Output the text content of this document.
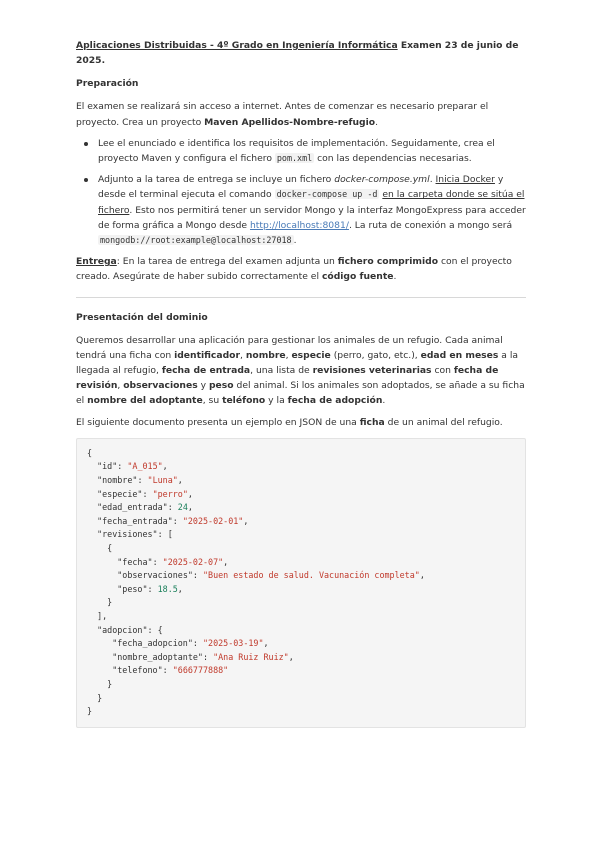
Aplicaciones Distribuidas - 4º Grado en Ingeniería Informática Examen 23 de junio de 2025.

Preparación

El examen se realizará sin acceso a internet. Antes de comenzar es necesario preparar el proyecto. Crea un proyecto Maven Apellidos-Nombre-refugio.

Lee el enunciado e identifica los requisitos de implementación. Seguidamente, crea el proyecto Maven y configura el fichero pom.xml con las dependencias necesarias.
Adjunto a la tarea de entrega se incluye un fichero docker-compose.yml. Inicia Docker y desde el terminal ejecuta el comando docker-compose up -d en la carpeta donde se sitúa el fichero. Esto nos permitirá tener un servidor Mongo y la interfaz MongoExpress para acceder de forma gráfica a Mongo desde http://localhost:8081/. La ruta de conexión a mongo será mongodb://root:example@localhost:27018 .

Entrega: En la tarea de entrega del examen adjunta un fichero comprimido con el proyecto creado. Asegúrate de haber subido correctamente el código fuente.

Presentación del dominio

Queremos desarrollar una aplicación para gestionar los animales de un refugio. Cada animal tendrá una ficha con identificador, nombre, especie (perro, gato, etc.), edad en meses a la llegada al refugio, fecha de entrada, una lista de revisiones veterinarias con fecha de revisión, observaciones y peso del animal. Si los animales son adoptados, se añade a su ficha el nombre del adoptante, su teléfono y la fecha de adopción.

El siguiente documento presenta un ejemplo en JSON de una ficha de un animal del refugio.

{
"id": "A_015",
"nombre": "Luna",
"especie": "perro",
"edad_entrada": 24,
"fecha_entrada": "2025-02-01",
"revisiones": [
{
"fecha": "2025-02-07",
"observaciones": "Buen estado de salud. Vacunación completa",
"peso": 18.5,
}
],
"adopcion": {
"fecha_adopcion": "2025-03-19",
"nombre_adoptante": "Ana Ruiz Ruiz",
"telefono": "666777888"
}
}
}
